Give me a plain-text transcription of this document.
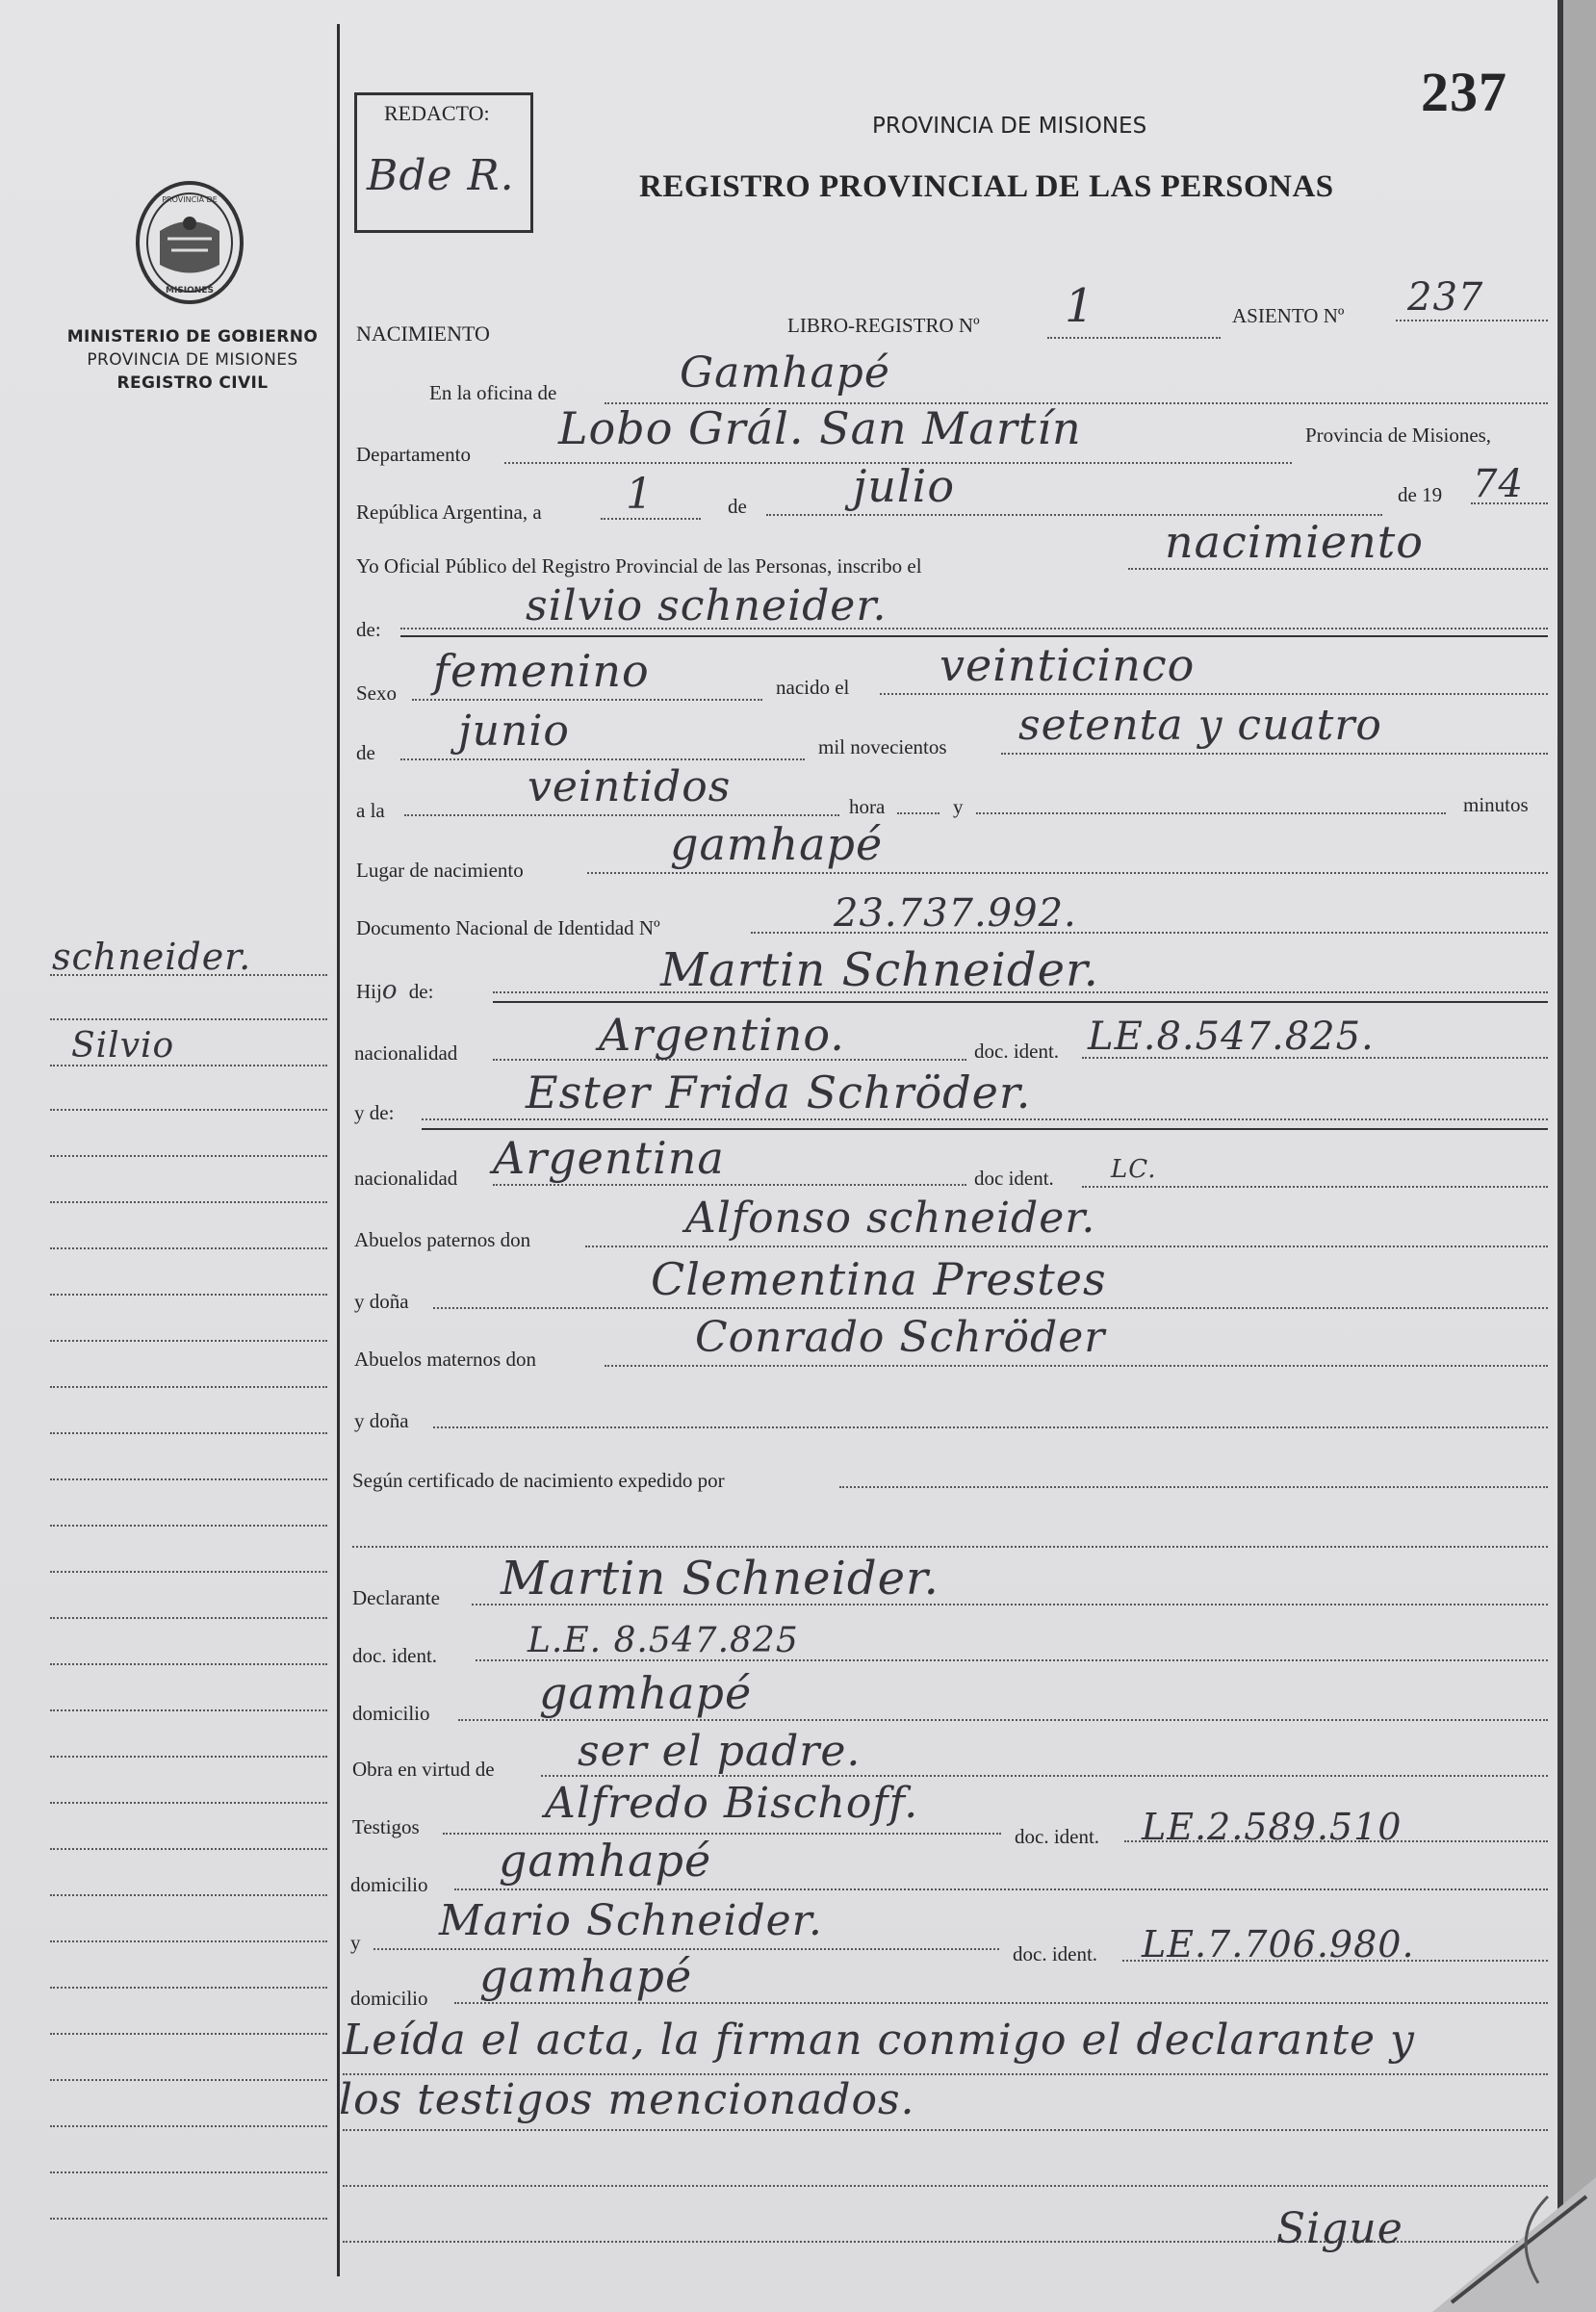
237
REDACTO:
Bde R.
PROVINCIA DE MISIONES
REGISTRO PROVINCIAL DE LAS PERSONAS
PROVINCIA DE
MISIONES
MINISTERIO DE GOBIERNO
PROVINCIA DE MISIONES
REGISTRO CIVIL
schneider.
Silvio
NACIMIENTO	LIBRO-REGISTRO Nº 1	ASIENTO Nº 237
En la oficina de	Gamhapé
Departamento Lobo Grál. San Martín	Provincia de Misiones,
República Argentina, a 1	de julio	de 19 74
Yo Oficial Público del Registro Provincial de las Personas, inscribo el	nacimiento
de:	silvio schneider.
Sexo femenino	nacido el veinticinco
de junio	mil novecientos setenta y cuatro
a la	veintidos	hora	y	minutos
Lugar de nacimiento	gamhapé
Documento Nacional de Identidad Nº	23.737.992.
Hijo de:	Martin Schneider.
nacionalidad	Argentino.	doc. ident. LE.8.547.825.
y de:	Ester Frida Schröder.
nacionalidad Argentina	doc ident. LC.
Abuelos paternos don	Alfonso schneider.
y doña	Clementina Prestes
Abuelos maternos don	Conrado Schröder
y doña
Según certificado de nacimiento expedido por
Declarante Martin Schneider.
doc. ident.	L.E. 8.547.825
domicilio gamhapé
Obra en virtud de ser el padre.
Testigos	Alfredo Bischoff.
doc. ident. LE.2.589.510
domicilio gamhapé
y Mario Schneider.
doc. ident. LE.7.706.980.
domicilio gamhapé
Leída el acta, la firman conmigo el declarante y
los testigos mencionados.
Sigue
